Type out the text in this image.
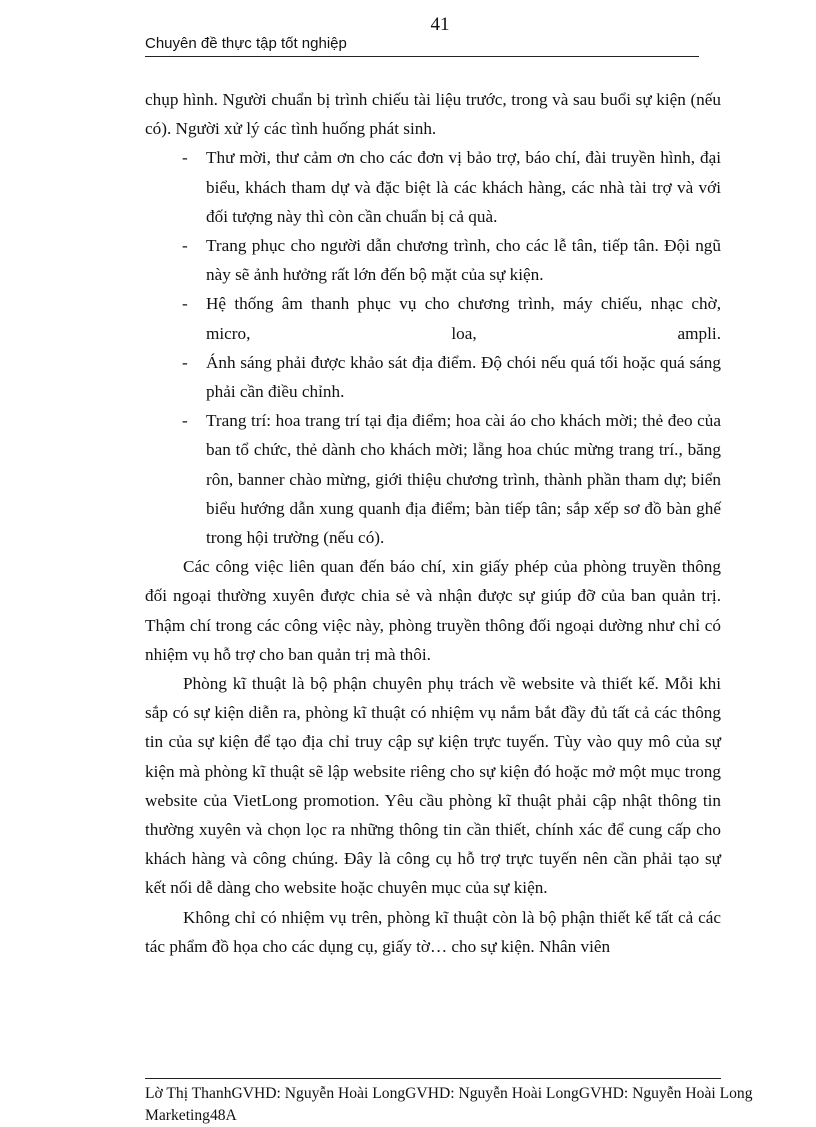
41
Chuyên đề thực tập tốt nghiệp

chụp hình. Người chuẩn bị trình chiếu tài liệu trước, trong và sau buổi sự kiện (nếu có). Người xử lý các tình huống phát sinh.

- Thư mời, thư cảm ơn cho các đơn vị bảo trợ, báo chí, đài truyền hình, đại biểu, khách tham dự và đặc biệt là các khách hàng, các nhà tài trợ và với đối tượng này thì còn cần chuẩn bị cả quà.
- Trang phục cho người dẫn chương trình, cho các lễ tân, tiếp tân. Đội ngũ này sẽ ảnh hưởng rất lớn đến bộ mặt của sự kiện.
- Hệ thống âm thanh phục vụ cho chương trình, máy chiếu, nhạc chờ, micro, loa, ampli.
- Ánh sáng phải được khảo sát địa điểm. Độ chói nếu quá tối hoặc quá sáng phải cần điều chỉnh.
- Trang trí: hoa trang trí tại địa điểm; hoa cài áo cho khách mời; thẻ đeo của ban tổ chức, thẻ dành cho khách mời; lẵng hoa chúc mừng trang trí., băng rôn, banner chào mừng, giới thiệu chương trình, thành phần tham dự; biển biểu hướng dẫn xung quanh địa điểm; bàn tiếp tân; sắp xếp sơ đồ bàn ghế trong hội trường (nếu có).

Các công việc liên quan đến báo chí, xin giấy phép của phòng truyền thông đối ngoại thường xuyên được chia sẻ và nhận được sự giúp đỡ của ban quản trị. Thậm chí trong các công việc này, phòng truyền thông đối ngoại dường như chỉ có nhiệm vụ hỗ trợ cho ban quản trị mà thôi.

Phòng kĩ thuật là bộ phận chuyên phụ trách về website và thiết kế. Mỗi khi sắp có sự kiện diễn ra, phòng kĩ thuật có nhiệm vụ nắm bắt đầy đủ tất cả các thông tin của sự kiện để tạo địa chỉ truy cập sự kiện trực tuyến. Tùy vào quy mô của sự kiện mà phòng kĩ thuật sẽ lập website riêng cho sự kiện đó hoặc mở một mục trong website của VietLong promotion. Yêu cầu phòng kĩ thuật phải cập nhật thông tin thường xuyên và chọn lọc ra những thông tin cần thiết, chính xác để cung cấp cho khách hàng và công chúng. Đây là công cụ hỗ trợ trực tuyến nên cần phải tạo sự kết nối dễ dàng cho website hoặc chuyên mục của sự kiện.

Không chỉ có nhiệm vụ trên, phòng kĩ thuật còn là bộ phận thiết kế tất cả các tác phẩm đồ họa cho các dụng cụ, giấy tờ… cho sự kiện. Nhân viên

Lờ Thị ThanhGVHD: Nguyễn Hoài LongGVHD: Nguyễn Hoài LongGVHD: Nguyễn Hoài Long
Marketing48A
